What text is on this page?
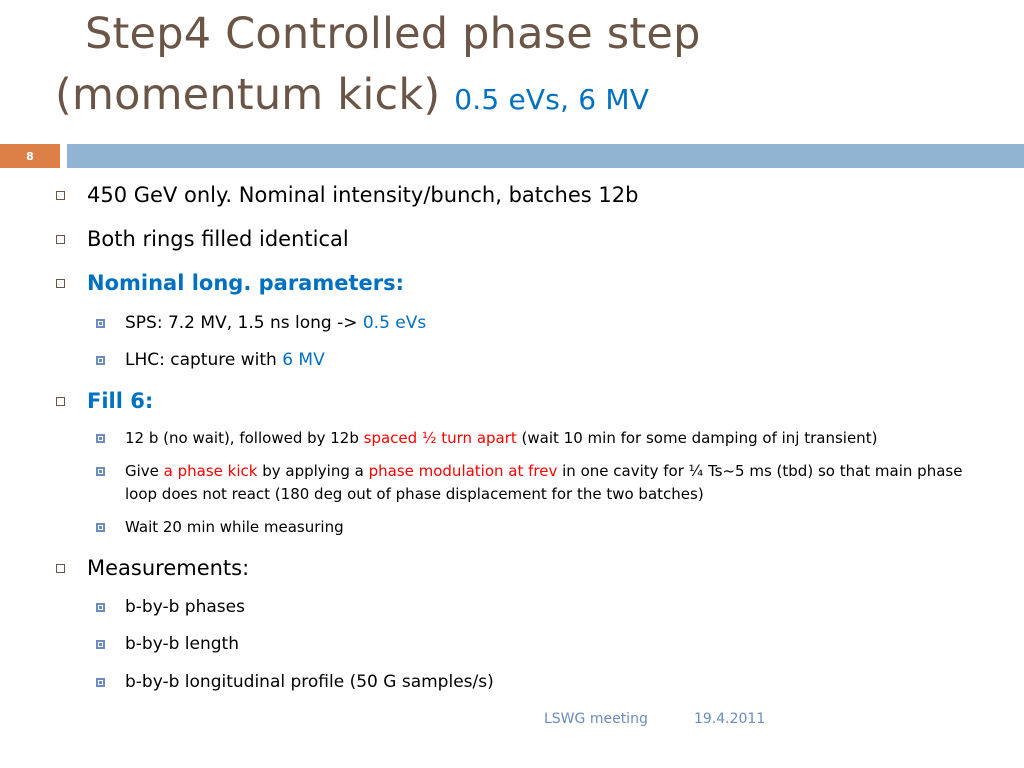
Step4 Controlled phase step
(momentum kick) 0.5 eVs, 6 MV
8
450 GeV only. Nominal intensity/bunch, batches 12b
Both rings filled identical
Nominal long. parameters:
SPS: 7.2 MV, 1.5 ns long -> 0.5 eVs
LHC: capture with 6 MV
Fill 6:
12 b (no wait), followed by 12b spaced ½ turn apart (wait 10 min for some damping of inj transient)
Give a phase kick by applying a phase modulation at frev in one cavity for ¼ Ts~5 ms (tbd) so that main phase loop does not react (180 deg out of phase displacement for the two batches)
Wait 20 min while measuring
Measurements:
b-by-b phases
b-by-b length
b-by-b longitudinal profile (50 G samples/s)
LSWG meeting	19.4.2011
